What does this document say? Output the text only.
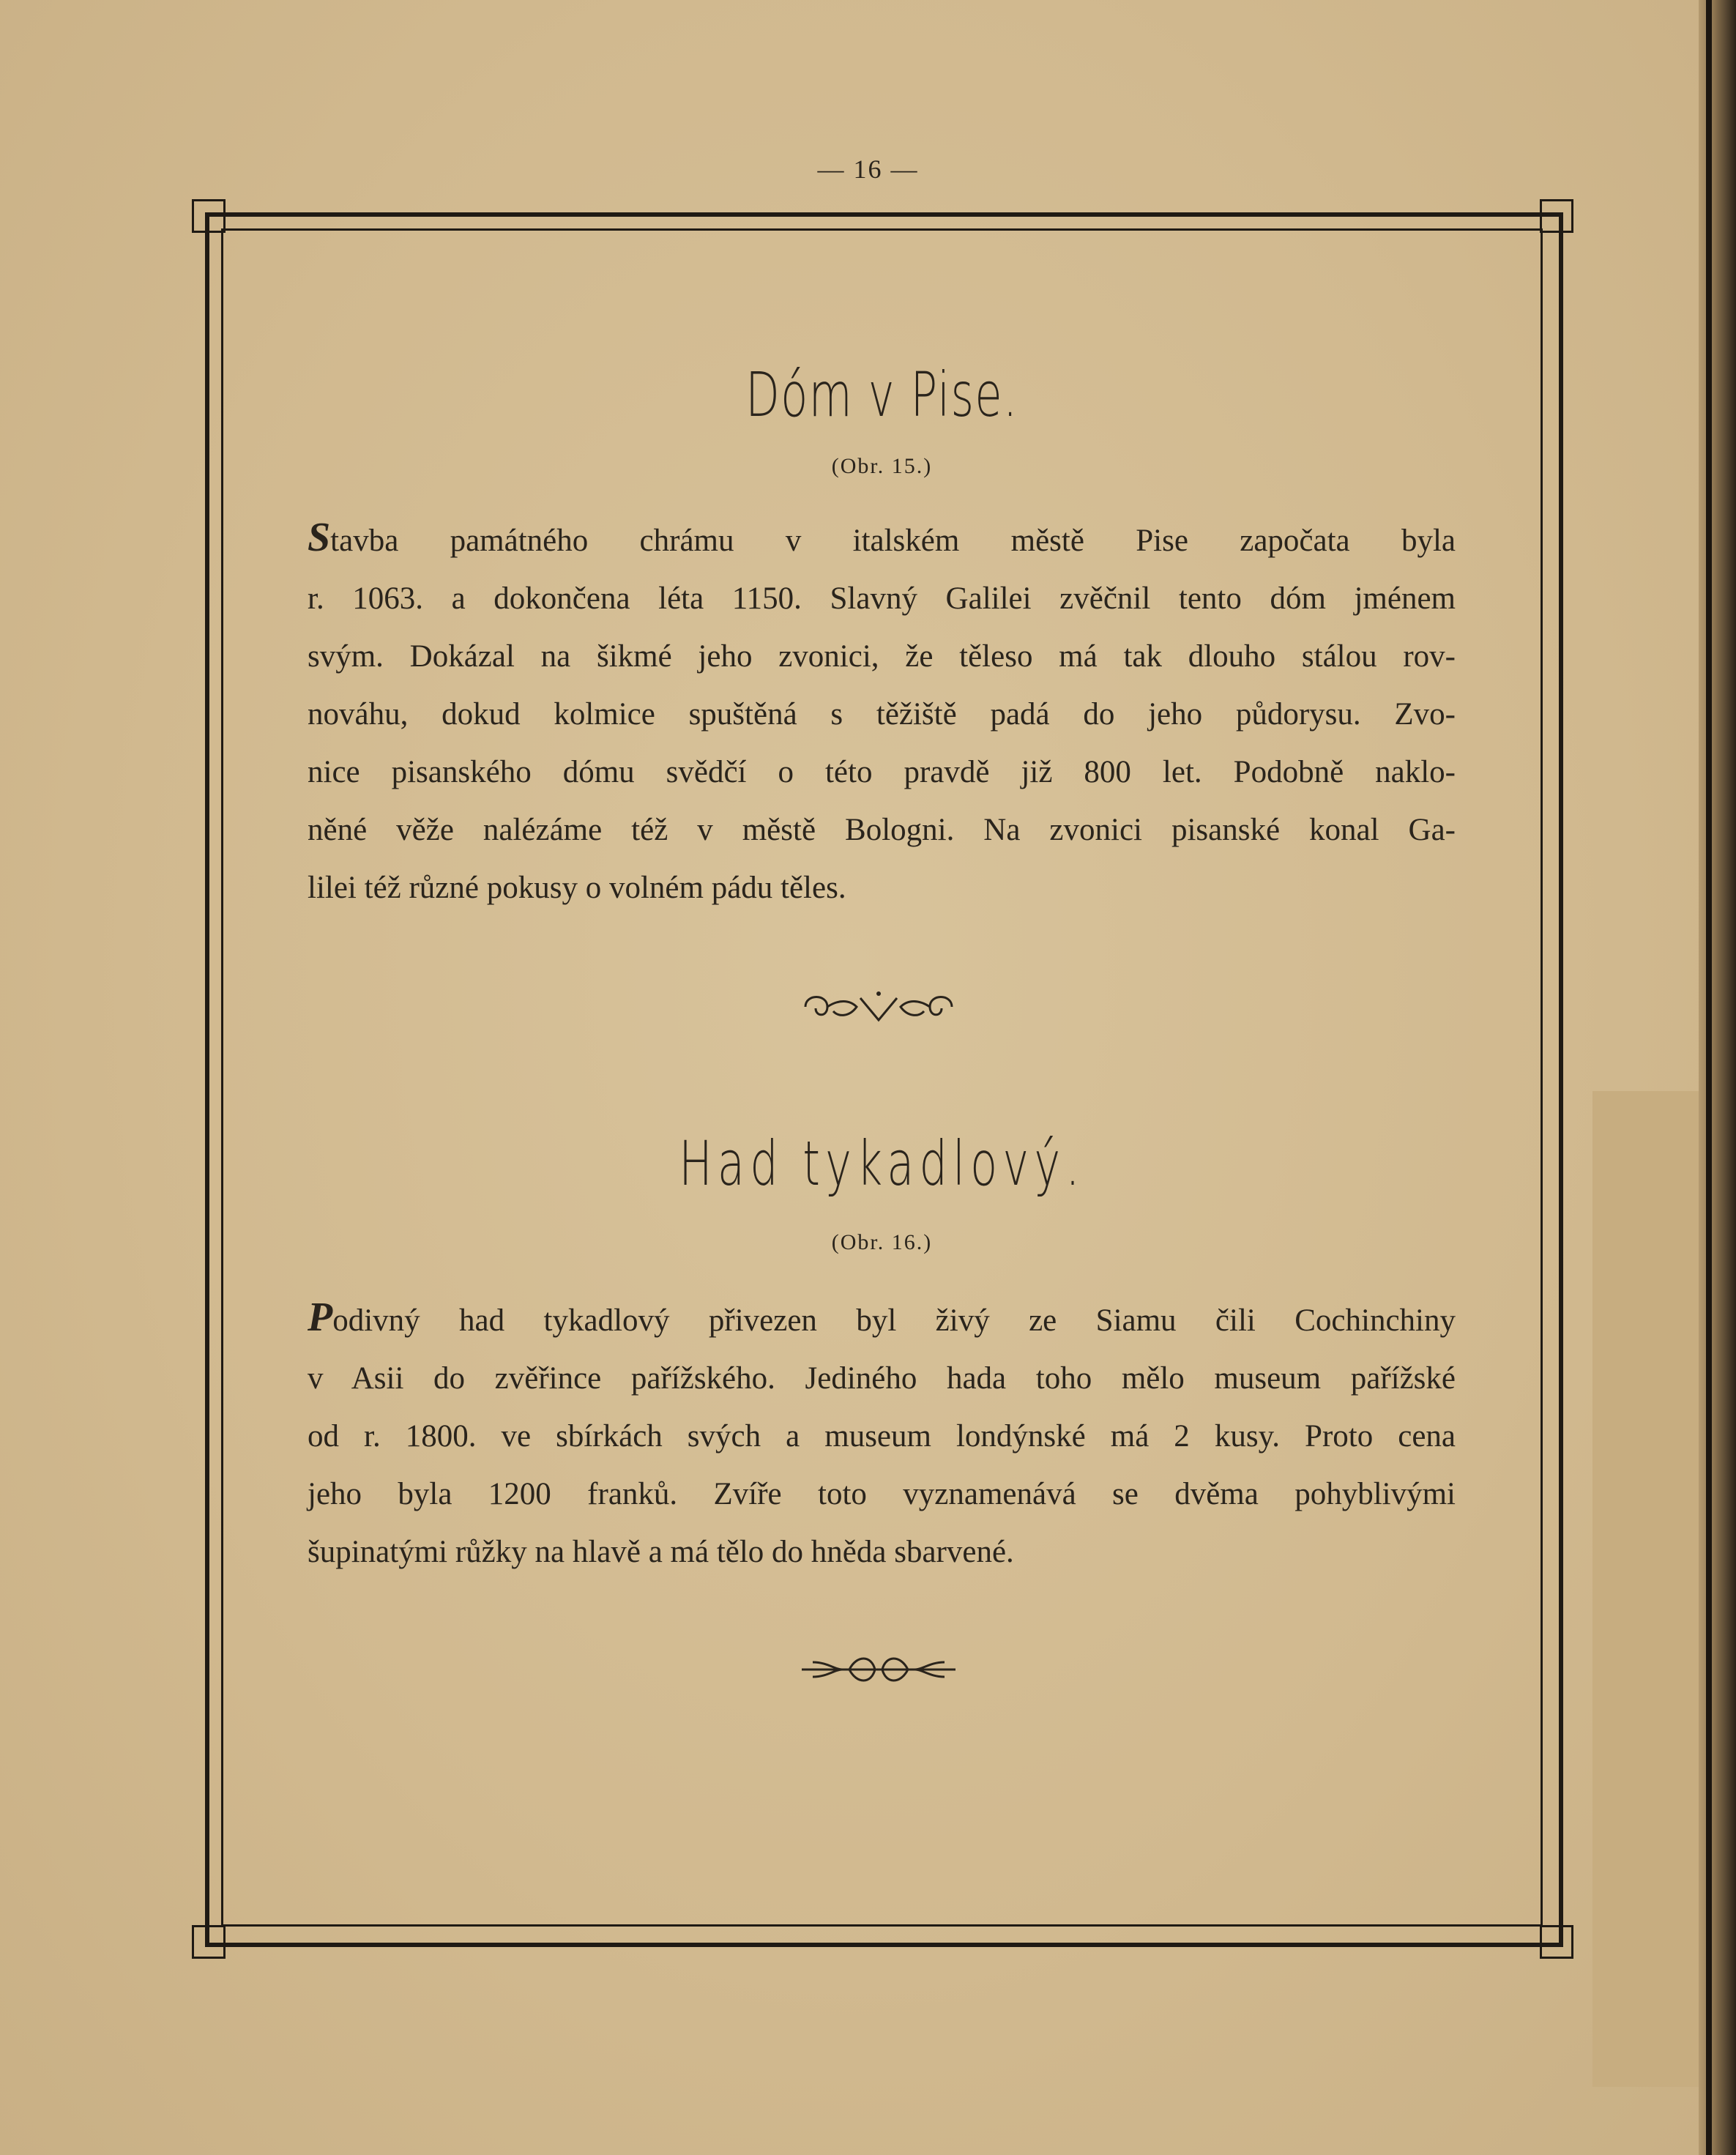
— 16 —
Dóm v Pise.
(Obr. 15.)
Stavba památného chrámu v italském městě Pise započata byla
r. 1063. a dokončena léta 1150. Slavný Galilei zvěčnil tento dóm jménem
svým. Dokázal na šikmé jeho zvonici, že těleso má tak dlouho stálou rov-
nováhu, dokud kolmice spuštěná s těžiště padá do jeho půdorysu. Zvo-
nice pisanského dómu svědčí o této pravdě již 800 let. Podobně naklo-
něné věže nalézáme též v městě Bologni. Na zvonici pisanské konal Ga-
lilei též různé pokusy o volném pádu těles.
Had tykadlový.
(Obr. 16.)
Podivný had tykadlový přivezen byl živý ze Siamu čili Cochinchiny
v Asii do zvěřince pařížského. Jediného hada toho mělo museum pařížské
od r. 1800. ve sbírkách svých a museum londýnské má 2 kusy. Proto cena
jeho byla 1200 franků. Zvíře toto vyznamenává se dvěma pohyblivými
šupinatými růžky na hlavě a má tělo do hněda sbarvené.
